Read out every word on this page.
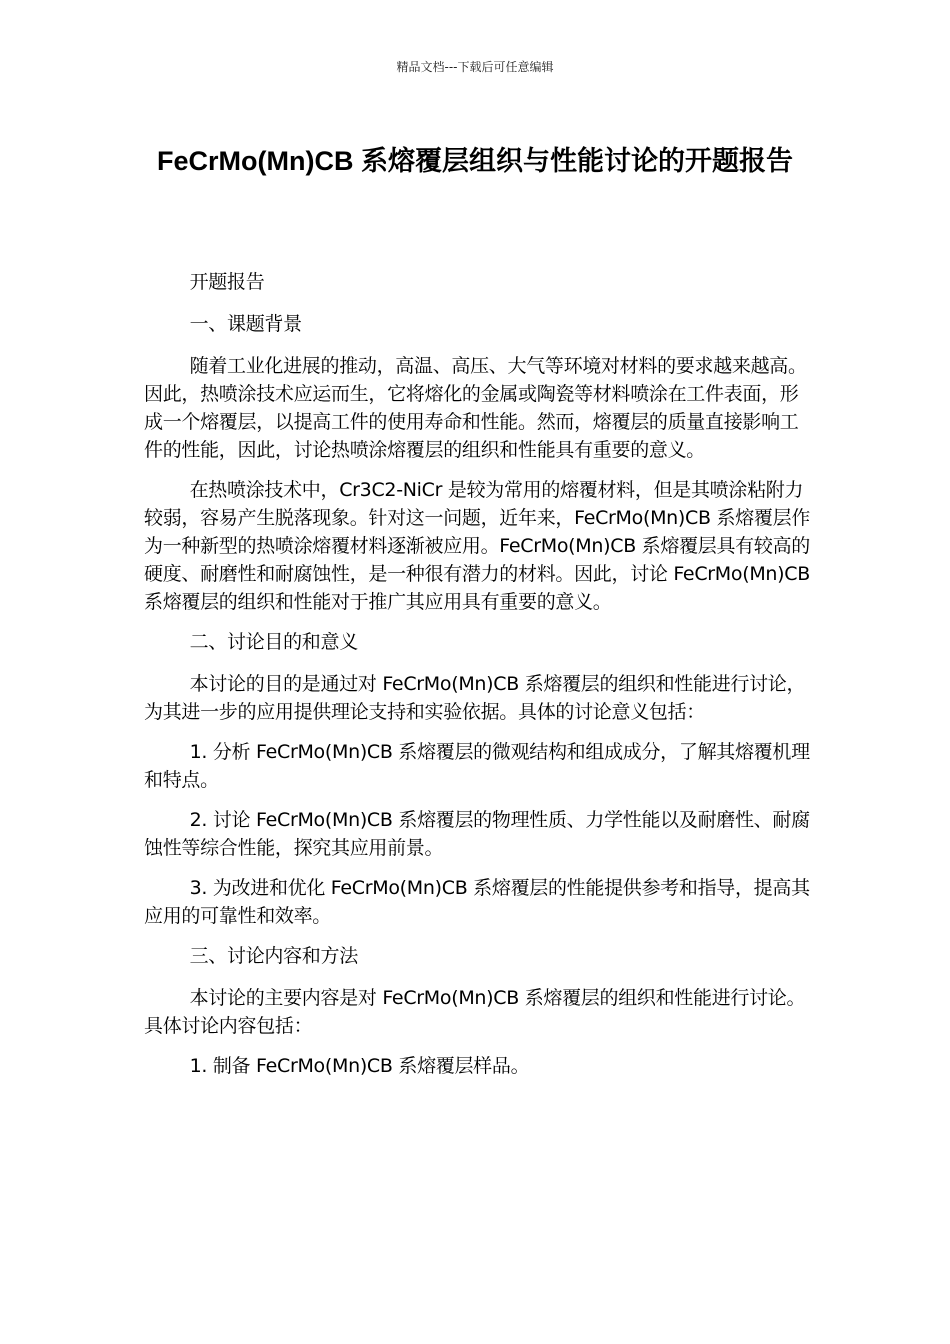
精品文档---下载后可任意编辑
FeCrMo(Mn)CB 系熔覆层组织与性能讨论的开题报告

开题报告

一、课题背景

随着工业化进展的推动，高温、高压、大气等环境对材料的要求越来越高。因此，热喷涂技术应运而生，它将熔化的金属或陶瓷等材料喷涂在工件表面，形成一个熔覆层，以提高工件的使用寿命和性能。然而，熔覆层的质量直接影响工件的性能，因此，讨论热喷涂熔覆层的组织和性能具有重要的意义。

在热喷涂技术中，Cr3C2-NiCr 是较为常用的熔覆材料，但是其喷涂粘附力较弱，容易产生脱落现象。针对这一问题，近年来，FeCrMo(Mn)CB 系熔覆层作为一种新型的热喷涂熔覆材料逐渐被应用。FeCrMo(Mn)CB 系熔覆层具有较高的硬度、耐磨性和耐腐蚀性，是一种很有潜力的材料。因此，讨论 FeCrMo(Mn)CB 系熔覆层的组织和性能对于推广其应用具有重要的意义。

二、讨论目的和意义

本讨论的目的是通过对 FeCrMo(Mn)CB 系熔覆层的组织和性能进行讨论，为其进一步的应用提供理论支持和实验依据。具体的讨论意义包括：

1. 分析 FeCrMo(Mn)CB 系熔覆层的微观结构和组成成分，了解其熔覆机理和特点。

2. 讨论 FeCrMo(Mn)CB 系熔覆层的物理性质、力学性能以及耐磨性、耐腐蚀性等综合性能，探究其应用前景。

3. 为改进和优化 FeCrMo(Mn)CB 系熔覆层的性能提供参考和指导，提高其应用的可靠性和效率。

三、讨论内容和方法

本讨论的主要内容是对 FeCrMo(Mn)CB 系熔覆层的组织和性能进行讨论。具体讨论内容包括：

1. 制备 FeCrMo(Mn)CB 系熔覆层样品。
